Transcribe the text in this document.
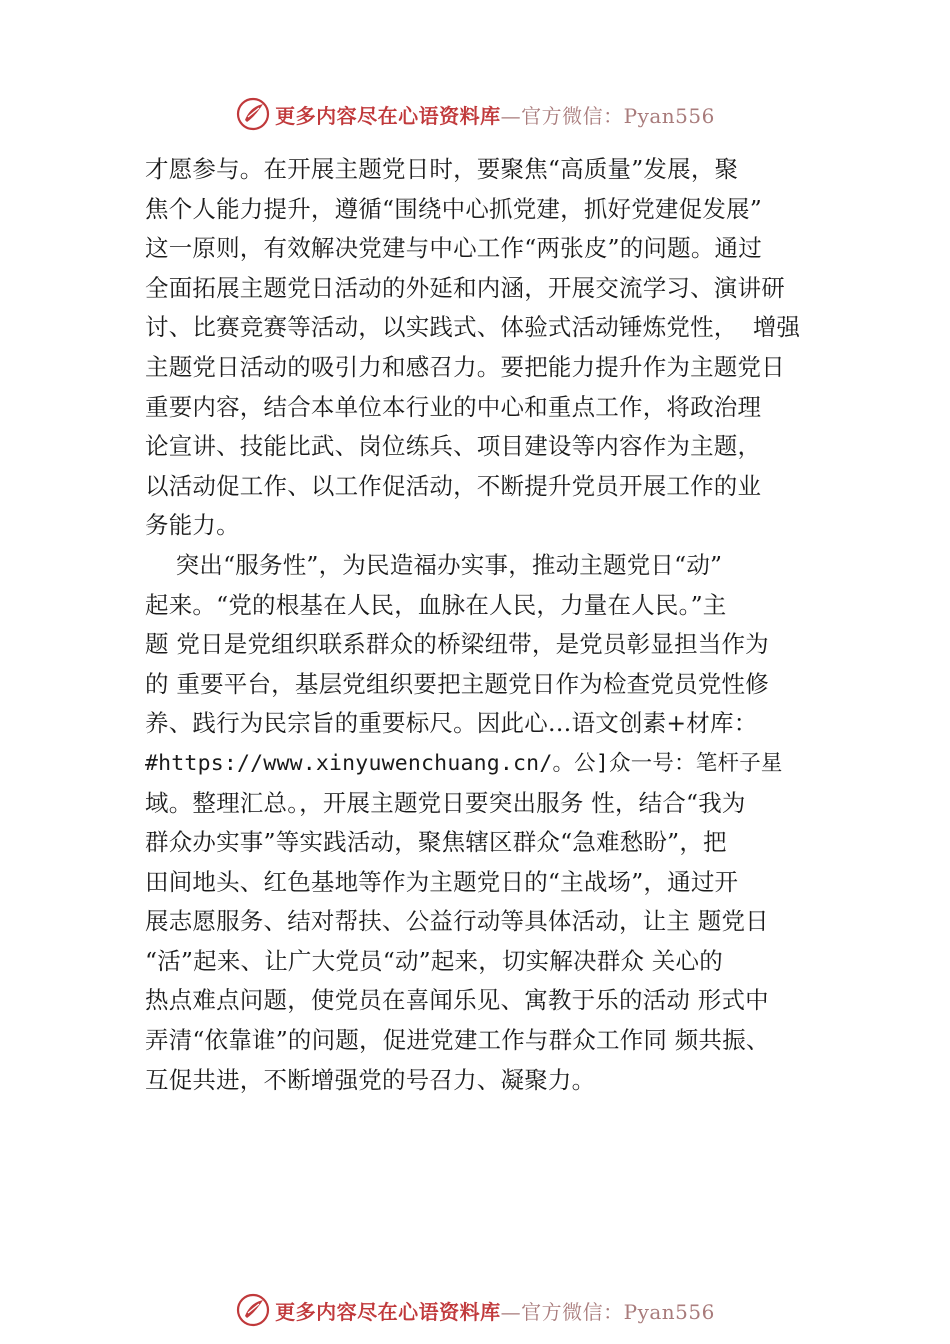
更多内容尽在心语资料库—官方微信：Pyan556
才愿参与。在开展主题党日时，要聚焦“高质量”发展，聚
焦个人能力提升，遵循“围绕中心抓党建，抓好党建促发展”
这一原则，有效解决党建与中心工作“两张皮”的问题。通过
全面拓展主题党日活动的外延和内涵，开展交流学习、演讲研
讨、比赛竞赛等活动，以实践式、体验式活动锤炼党性，  增强
主题党日活动的吸引力和感召力。要把能力提升作为主题党日
重要内容，结合本单位本行业的中心和重点工作，将政治理
论宣讲、技能比武、岗位练兵、项目建设等内容作为主题，
以活动促工作、以工作促活动，不断提升党员开展工作的业
务能力。
突出“服务性”，为民造福办实事，推动主题党日“动”
起来。“党的根基在人民，血脉在人民，力量在人民。”主
题 党日是党组织联系群众的桥梁纽带，是党员彰显担当作为
的 重要平台，基层党组织要把主题党日作为检查党员党性修
养、践行为民宗旨的重要标尺。因此心…语文创素+材库：
#https://www.xinyuwenchuang.cn/。公]众一号：笔杆子星
域。整理汇总。，开展主题党日要突出服务 性，结合“我为
群众办实事”等实践活动，聚焦辖区群众“急难愁盼”，把
田间地头、红色基地等作为主题党日的“主战场”，通过开
展志愿服务、结对帮扶、公益行动等具体活动，让主 题党日
“活”起来、让广大党员“动”起来，切实解决群众 关心的
热点难点问题，使党员在喜闻乐见、寓教于乐的活动 形式中
弄清“依靠谁”的问题，促进党建工作与群众工作同 频共振、
互促共进，不断增强党的号召力、凝聚力。
更多内容尽在心语资料库—官方微信：Pyan556
